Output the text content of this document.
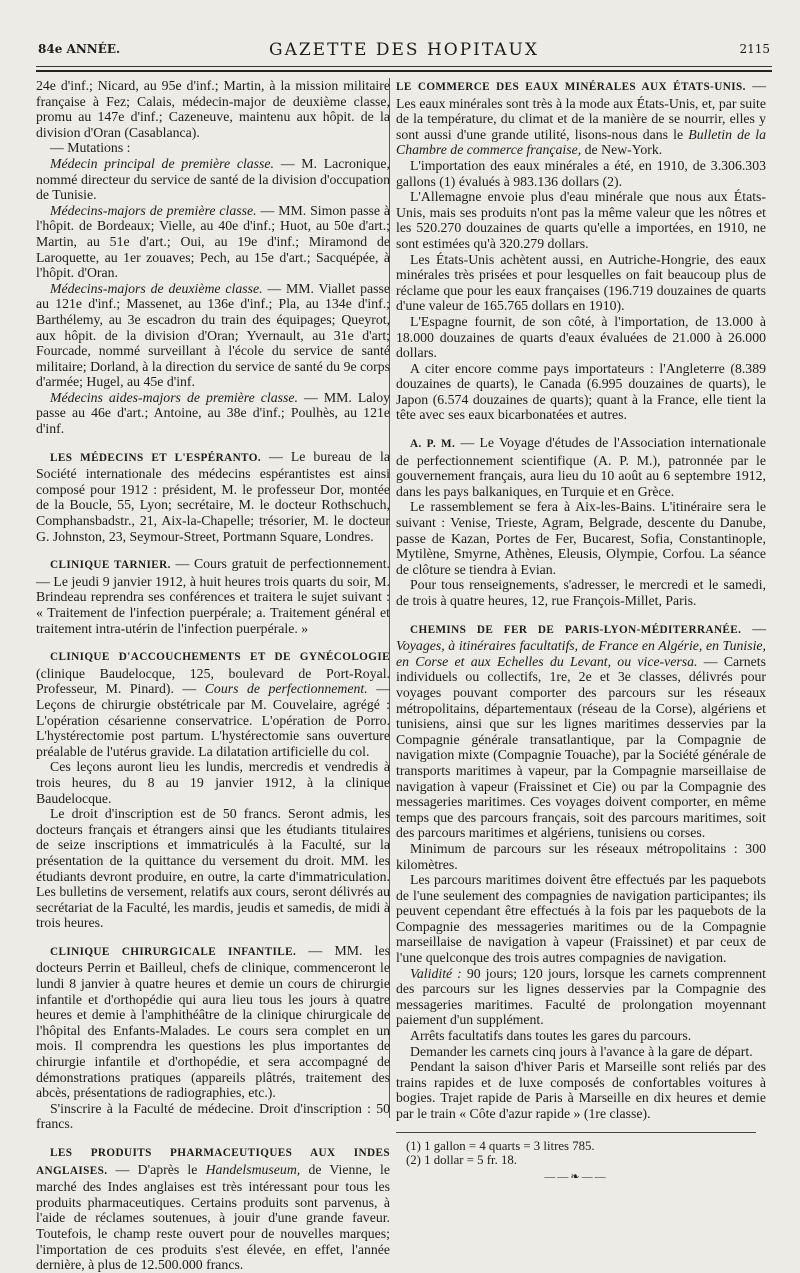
84e ANNÉE.	GAZETTE DES HOPITAUX	2115

24e d'inf.; Nicard, au 95e d'inf.; Martin, à la mission militaire française à Fez; Calais, médecin-major de deuxième classe, promu au 147e d'inf.; Cazeneuve, maintenu aux hôpit. de la division d'Oran (Casablanca).

— Mutations :

Médecin principal de première classe. — M. Lacronique, nommé directeur du service de santé de la division d'occupation de Tunisie.

Médecins-majors de première classe. — MM. Simon passe à l'hôpit. de Bordeaux; Vielle, au 40e d'inf.; Huot, au 50e d'art.; Martin, au 51e d'art.; Oui, au 19e d'inf.; Miramond de Laroquette, au 1er zouaves; Pech, au 15e d'art.; Sacquépée, à l'hôpit. d'Oran.

Médecins-majors de deuxième classe. — MM. Viallet passe au 121e d'inf.; Massenet, au 136e d'inf.; Pla, au 134e d'inf.; Barthélemy, au 3e escadron du train des équipages; Queyrot, aux hôpit. de la division d'Oran; Yvernault, au 31e d'art; Fourcade, nommé surveillant à l'école du service de santé militaire; Dorland, à la direction du service de santé du 9e corps d'armée; Hugel, au 45e d'inf.

Médecins aides-majors de première classe. — MM. Laloy passe au 46e d'art.; Antoine, au 38e d'inf.; Poulhès, au 121e d'inf.

LES MÉDECINS ET L'ESPÉRANTO. — Le bureau de la Société internationale des médecins espérantistes est ainsi composé pour 1912 : président, M. le professeur Dor, montée de la Boucle, 55, Lyon; secrétaire, M. le docteur Rothschuch, Comphansbadstr., 21, Aix-la-Chapelle; trésorier, M. le docteur G. Johnston, 23, Seymour-Street, Portmann Square, Londres.

CLINIQUE TARNIER. — Cours gratuit de perfectionnement. — Le jeudi 9 janvier 1912, à huit heures trois quarts du soir, M. Brindeau reprendra ses conférences et traitera le sujet suivant : « Traitement de l'infection puerpérale; a. Traitement général et traitement intra-utérin de l'infection puerpérale. »

CLINIQUE D'ACCOUCHEMENTS ET DE GYNÉCOLOGIE (clinique Baudelocque, 125, boulevard de Port-Royal. Professeur, M. Pinard). — Cours de perfectionnement. — Leçons de chirurgie obstétricale par M. Couvelaire, agrégé : L'opération césarienne conservatrice. L'opération de Porro. L'hystérectomie post partum. L'hystérectomie sans ouverture préalable de l'utérus gravide. La dilatation artificielle du col.

Ces leçons auront lieu les lundis, mercredis et vendredis à trois heures, du 8 au 19 janvier 1912, à la clinique Baudelocque.

Le droit d'inscription est de 50 francs. Seront admis, les docteurs français et étrangers ainsi que les étudiants titulaires de seize inscriptions et immatriculés à la Faculté, sur la présentation de la quittance du versement du droit. MM. les étudiants devront produire, en outre, la carte d'immatriculation. Les bulletins de versement, relatifs aux cours, seront délivrés au secrétariat de la Faculté, les mardis, jeudis et samedis, de midi à trois heures.

CLINIQUE CHIRURGICALE INFANTILE. — MM. les docteurs Perrin et Bailleul, chefs de clinique, commenceront le lundi 8 janvier à quatre heures et demie un cours de chirurgie infantile et d'orthopédie qui aura lieu tous les jours à quatre heures et demie à l'amphithéâtre de la clinique chirurgicale de l'hôpital des Enfants-Malades. Le cours sera complet en un mois. Il comprendra les questions les plus importantes de chirurgie infantile et d'orthopédie, et sera accompagné de démonstrations pratiques (appareils plâtrés, traitement des abcès, présentations de radiographies, etc.).

S'inscrire à la Faculté de médecine. Droit d'inscription : 50 francs.

LES PRODUITS PHARMACEUTIQUES AUX INDES ANGLAISES. — D'après le Handelsmuseum, de Vienne, le marché des Indes anglaises est très intéressant pour tous les produits pharmaceutiques. Certains produits sont parvenus, à l'aide de réclames soutenues, à jouir d'une grande faveur. Toutefois, le champ reste ouvert pour de nouvelles marques; l'importation de ces produits s'est élevée, en effet, l'année dernière, à plus de 12.500.000 francs.

LE COMMERCE DES EAUX MINÉRALES AUX ÉTATS-UNIS. — Les eaux minérales sont très à la mode aux États-Unis, et, par suite de la température, du climat et de la manière de se nourrir, elles y sont aussi d'une grande utilité, lisons-nous dans le Bulletin de la Chambre de commerce française, de New-York.

L'importation des eaux minérales a été, en 1910, de 3.306.303 gallons (1) évalués à 983.136 dollars (2).

L'Allemagne envoie plus d'eau minérale que nous aux États-Unis, mais ses produits n'ont pas la même valeur que les nôtres et les 520.270 douzaines de quarts qu'elle a importées, en 1910, ne sont estimées qu'à 320.279 dollars.

Les États-Unis achètent aussi, en Autriche-Hongrie, des eaux minérales très prisées et pour lesquelles on fait beaucoup plus de réclame que pour les eaux françaises (196.719 douzaines de quarts d'une valeur de 165.765 dollars en 1910).

L'Espagne fournit, de son côté, à l'importation, de 13.000 à 18.000 douzaines de quarts d'eaux évaluées de 21.000 à 26.000 dollars.

A citer encore comme pays importateurs : l'Angleterre (8.389 douzaines de quarts), le Canada (6.995 douzaines de quarts), le Japon (6.574 douzaines de quarts); quant à la France, elle tient la tête avec ses eaux bicarbonatées et autres.

A. P. M. — Le Voyage d'études de l'Association internationale de perfectionnement scientifique (A. P. M.), patronnée par le gouvernement français, aura lieu du 10 août au 6 septembre 1912, dans les pays balkaniques, en Turquie et en Grèce.

Le rassemblement se fera à Aix-les-Bains. L'itinéraire sera le suivant : Venise, Trieste, Agram, Belgrade, descente du Danube, passe de Kazan, Portes de Fer, Bucarest, Sofia, Constantinople, Mytilène, Smyrne, Athènes, Eleusis, Olympie, Corfou. La séance de clôture se tiendra à Evian.

Pour tous renseignements, s'adresser, le mercredi et le samedi, de trois à quatre heures, 12, rue François-Millet, Paris.

CHEMINS DE FER DE PARIS-LYON-MÉDITERRANÉE. — Voyages, à itinéraires facultatifs, de France en Algérie, en Tunisie, en Corse et aux Echelles du Levant, ou vice-versa. — Carnets individuels ou collectifs, 1re, 2e et 3e classes, délivrés pour voyages pouvant comporter des parcours sur les réseaux métropolitains, départementaux (réseau de la Corse), algériens et tunisiens, ainsi que sur les lignes maritimes desservies par la Compagnie générale transatlantique, par la Compagnie de navigation mixte (Compagnie Touache), par la Société générale de transports maritimes à vapeur, par la Compagnie marseillaise de navigation à vapeur (Fraissinet et Cie) ou par la Compagnie des messageries maritimes. Ces voyages doivent comporter, en même temps que des parcours français, soit des parcours maritimes, soit des parcours maritimes et algériens, tunisiens ou corses.

Minimum de parcours sur les réseaux métropolitains : 300 kilomètres.

Les parcours maritimes doivent être effectués par les paquebots de l'une seulement des compagnies de navigation participantes; ils peuvent cependant être effectués à la fois par les paquebots de la Compagnie des messageries maritimes ou de la Compagnie marseillaise de navigation à vapeur (Fraissinet) et par ceux de l'une quelconque des trois autres compagnies de navigation.

Validité : 90 jours; 120 jours, lorsque les carnets comprennent des parcours sur les lignes desservies par la Compagnie des messageries maritimes. Faculté de prolongation moyennant paiement d'un supplément.

Arrêts facultatifs dans toutes les gares du parcours.

Demander les carnets cinq jours à l'avance à la gare de départ.

Pendant la saison d'hiver Paris et Marseille sont reliés par des trains rapides et de luxe composés de confortables voitures à bogies. Trajet rapide de Paris à Marseille en dix heures et demie par le train « Côte d'azur rapide » (1re classe).

(1) 1 gallon = 4 quarts = 3 litres 785.

(2) 1 dollar = 5 fr. 18.

——❧——
